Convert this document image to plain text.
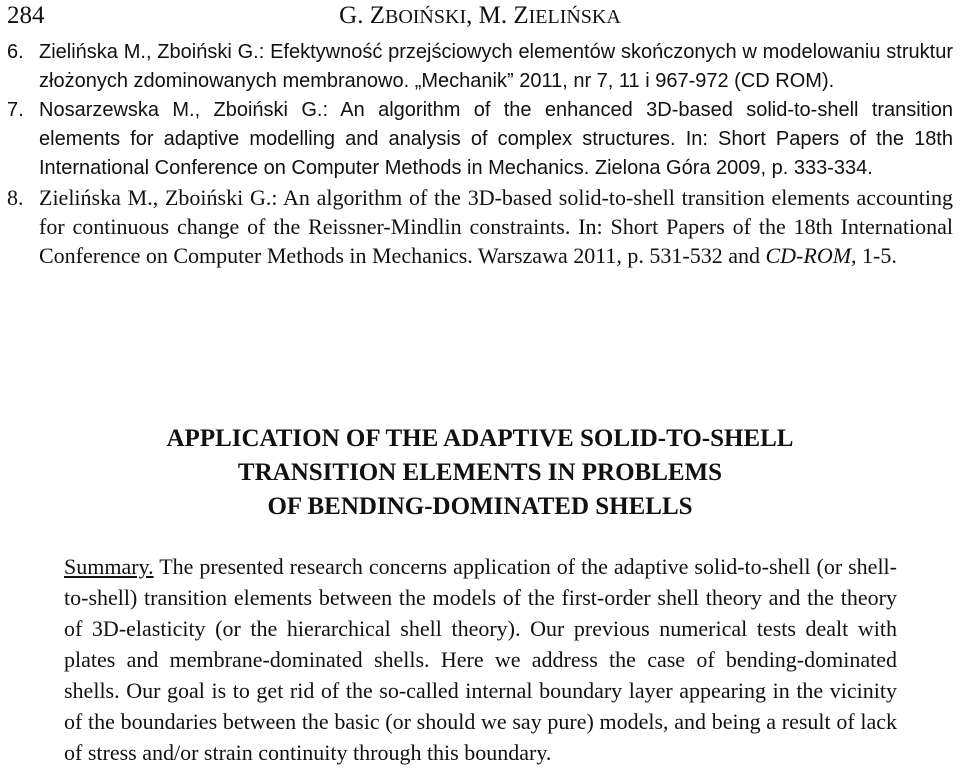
284	G. ZBOIŃSKI, M. ZIELIŃSKA
6. Zielińska M., Zboiński G.: Efektywność przejściowych elementów skończonych w modelowaniu struktur złożonych zdominowanych membranowo. „Mechanik” 2011, nr 7, 11 i 967-972 (CD ROM).
7. Nosarzewska M., Zboiński G.: An algorithm of the enhanced 3D-based solid-to-shell transition elements for adaptive modelling and analysis of complex structures. In: Short Papers of the 18th International Conference on Computer Methods in Mechanics. Zielona Góra 2009, p. 333-334.
8. Zielińska M., Zboiński G.: An algorithm of the 3D-based solid-to-shell transition elements accounting for continuous change of the Reissner-Mindlin constraints. In: Short Papers of the 18th International Conference on Computer Methods in Mechanics. Warszawa 2011, p. 531-532 and CD-ROM, 1-5.
APPLICATION OF THE ADAPTIVE SOLID-TO-SHELL
TRANSITION ELEMENTS IN PROBLEMS
OF BENDING-DOMINATED SHELLS
Summary. The presented research concerns application of the adaptive solid-to-shell (or shell-to-shell) transition elements between the models of the first-order shell theory and the theory of 3D-elasticity (or the hierarchical shell theory). Our previous numerical tests dealt with plates and membrane-dominated shells. Here we address the case of bending-dominated shells. Our goal is to get rid of the so-called internal boundary layer appearing in the vicinity of the boundaries between the basic (or should we say pure) models, and being a result of lack of stress and/or strain continuity through this boundary.
